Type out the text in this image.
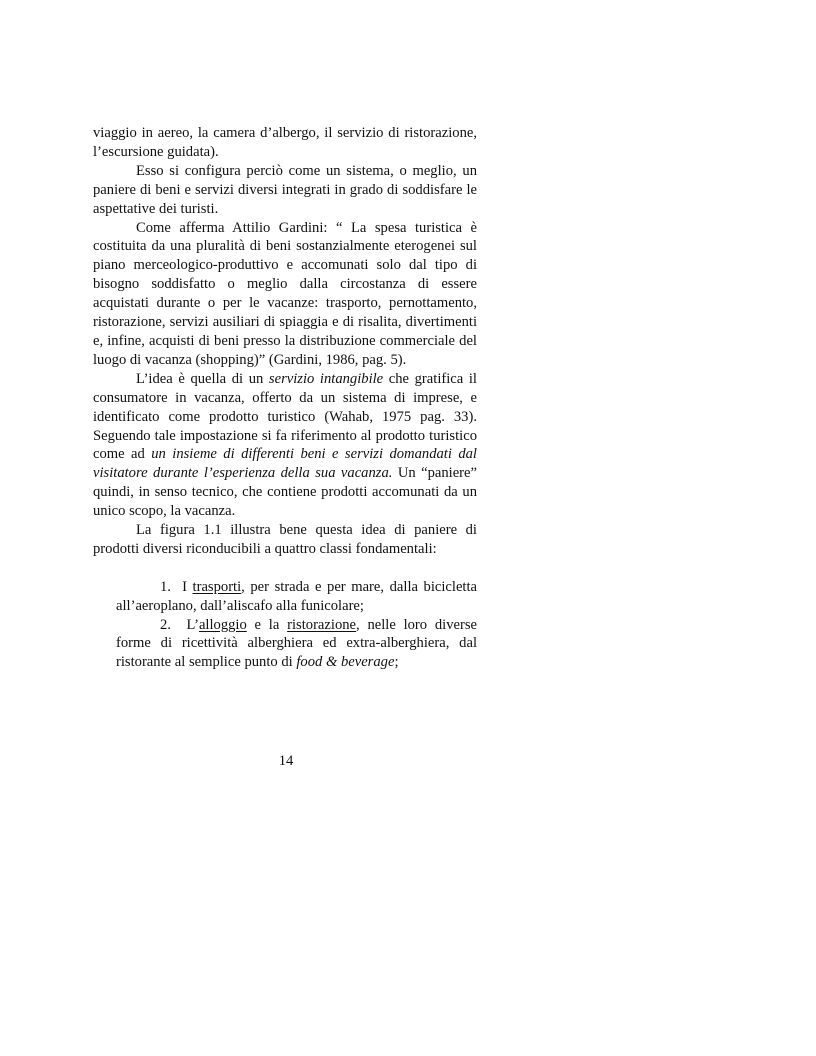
viaggio in aereo, la camera d’albergo, il servizio di ristorazione, l’escursione guidata).

Esso si configura perciò come un sistema, o meglio, un paniere di beni e servizi diversi integrati in grado di soddisfare le aspettative dei turisti.

Come afferma Attilio Gardini: “ La spesa turistica è costituita da una pluralità di beni sostanzialmente eterogenei sul piano merceologico-produttivo e accomunati solo dal tipo di bisogno soddisfatto o meglio dalla circostanza di essere acquistati durante o per le vacanze: trasporto, pernottamento, ristorazione, servizi ausiliari di spiaggia e di risalita, divertimenti e, infine, acquisti di beni presso la distribuzione commerciale del luogo di vacanza (shopping)” (Gardini, 1986, pag. 5).

L’idea è quella di un servizio intangibile che gratifica il consumatore in vacanza, offerto da un sistema di imprese, e identificato come prodotto turistico (Wahab, 1975 pag. 33). Seguendo tale impostazione si fa riferimento al prodotto turistico come ad un insieme di differenti beni e servizi domandati dal visitatore durante l’esperienza della sua vacanza. Un “paniere” quindi, in senso tecnico, che contiene prodotti accomunati da un unico scopo, la vacanza.

La figura 1.1 illustra bene questa idea di paniere di prodotti diversi riconducibili a quattro classi fondamentali:

1. I trasporti, per strada e per mare, dalla bicicletta all’aeroplano, dall’aliscafo alla funicolare;
2. L’alloggio e la ristorazione, nelle loro diverse forme di ricettività alberghiera ed extra-alberghiera, dal ristorante al semplice punto di food & beverage;
14
